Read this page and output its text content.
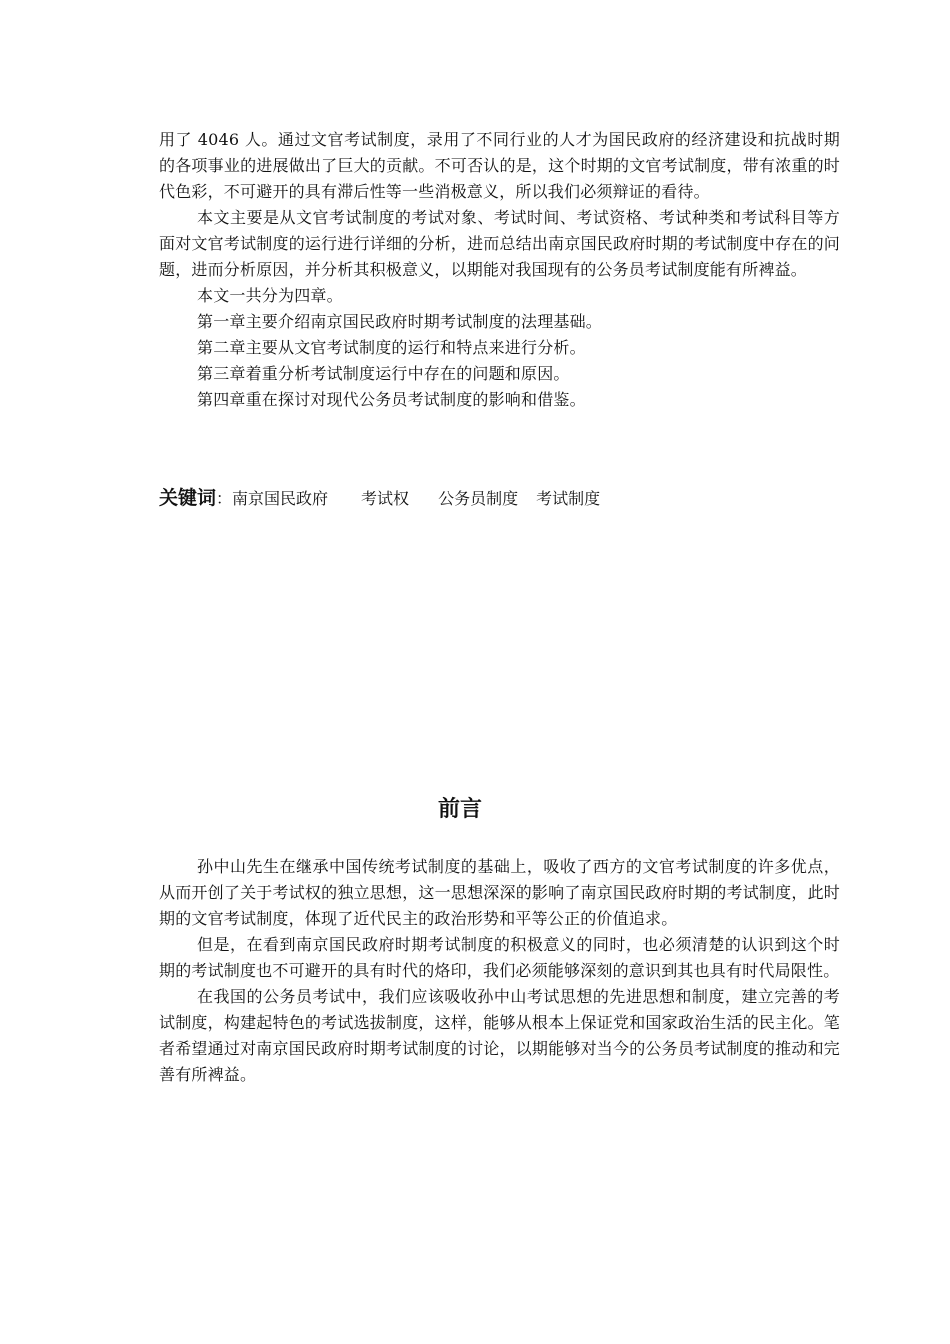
用了 4046 人。通过文官考试制度，录用了不同行业的人才为国民政府的经济建设和抗战时期的各项事业的进展做出了巨大的贡献。不可否认的是，这个时期的文官考试制度，带有浓重的时代色彩，不可避开的具有滞后性等一些消极意义，所以我们必须辩证的看待。

本文主要是从文官考试制度的考试对象、考试时间、考试资格、考试种类和考试科目等方面对文官考试制度的运行进行详细的分析，进而总结出南京国民政府时期的考试制度中存在的问题，进而分析原因，并分析其积极意义，以期能对我国现有的公务员考试制度能有所裨益。

本文一共分为四章。

第一章主要介绍南京国民政府时期考试制度的法理基础。

第二章主要从文官考试制度的运行和特点来进行分析。

第三章着重分析考试制度运行中存在的问题和原因。

第四章重在探讨对现代公务员考试制度的影响和借鉴。

关键词：南京国民政府 考试权 公务员制度 考试制度
前言

孙中山先生在继承中国传统考试制度的基础上，吸收了西方的文官考试制度的许多优点，从而开创了关于考试权的独立思想，这一思想深深的影响了南京国民政府时期的考试制度，此时期的文官考试制度，体现了近代民主的政治形势和平等公正的价值追求。

但是，在看到南京国民政府时期考试制度的积极意义的同时，也必须清楚的认识到这个时期的考试制度也不可避开的具有时代的烙印，我们必须能够深刻的意识到其也具有时代局限性。

在我国的公务员考试中，我们应该吸收孙中山考试思想的先进思想和制度，建立完善的考试制度，构建起特色的考试选拔制度，这样，能够从根本上保证党和国家政治生活的民主化。笔者希望通过对南京国民政府时期考试制度的讨论，以期能够对当今的公务员考试制度的推动和完善有所裨益。
